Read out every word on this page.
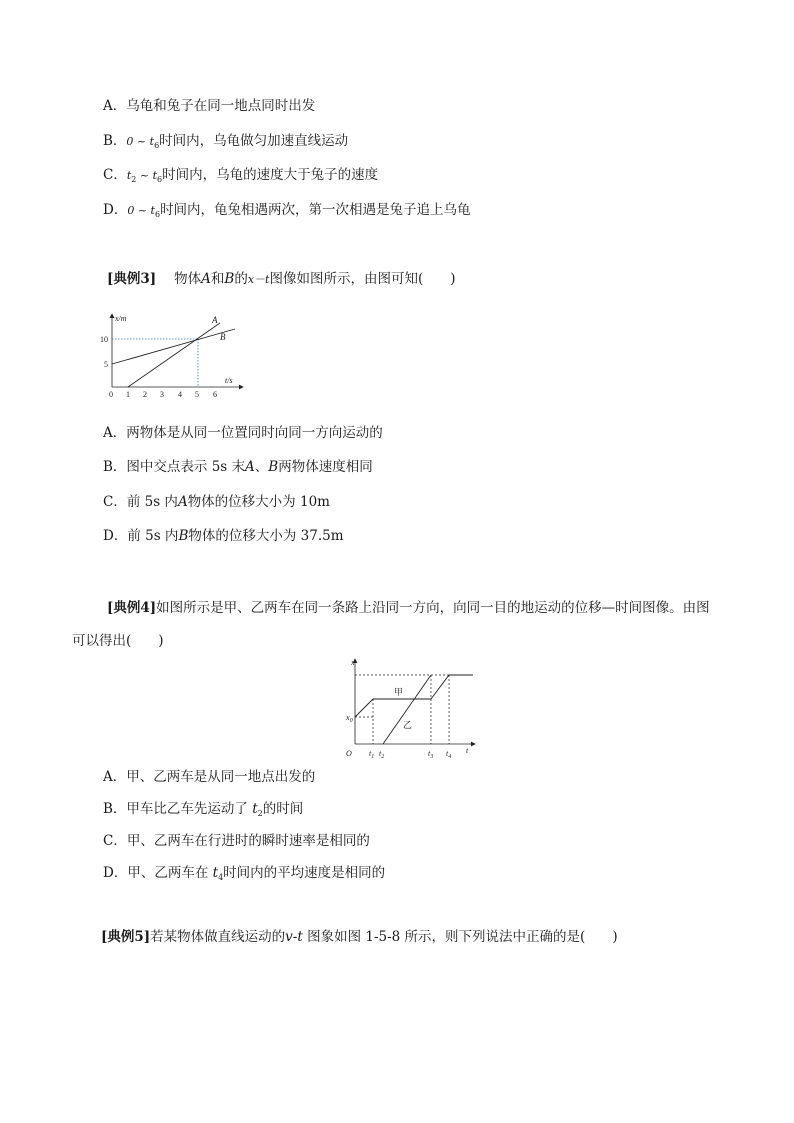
A．乌龟和兔子在同一地点同时出发
B．0 ~ $t_6$时间内，乌龟做匀加速直线运动
C．$t_2$ ~ $t_6$时间内，乌龟的速度大于兔子的速度
D．0 ~ $t_6$时间内，龟兔相遇两次，第一次相遇是兔子追上乌龟
[典例3] 物体A和B的x－t图像如图所示，由图可知(　　)
x/m
t/s
10
5
0 1 2 3 4 5 6
A
B
A．两物体是从同一位置同时向同一方向运动的
B．图中交点表示 5s 末A、B两物体速度相同
C．前 5s 内A物体的位移大小为 10m
D．前 5s 内B物体的位移大小为 37.5m
[典例4]如图所示是甲、乙两车在同一条路上沿同一方向，向同一目的地运动的位移—时间图像。由图
可以得出(　　)
x
t
O
$x_0$
甲
乙
$t_1$ $t_2$	$t_3$ $t_4$
A．甲、乙两车是从同一地点出发的
B．甲车比乙车先运动了 $t_2$的时间
C．甲、乙两车在行进时的瞬时速率是相同的
D．甲、乙两车在 $t_4$时间内的平均速度是相同的
[典例5]若某物体做直线运动的v-t 图象如图 1-5-8 所示，则下列说法中正确的是(　　)
